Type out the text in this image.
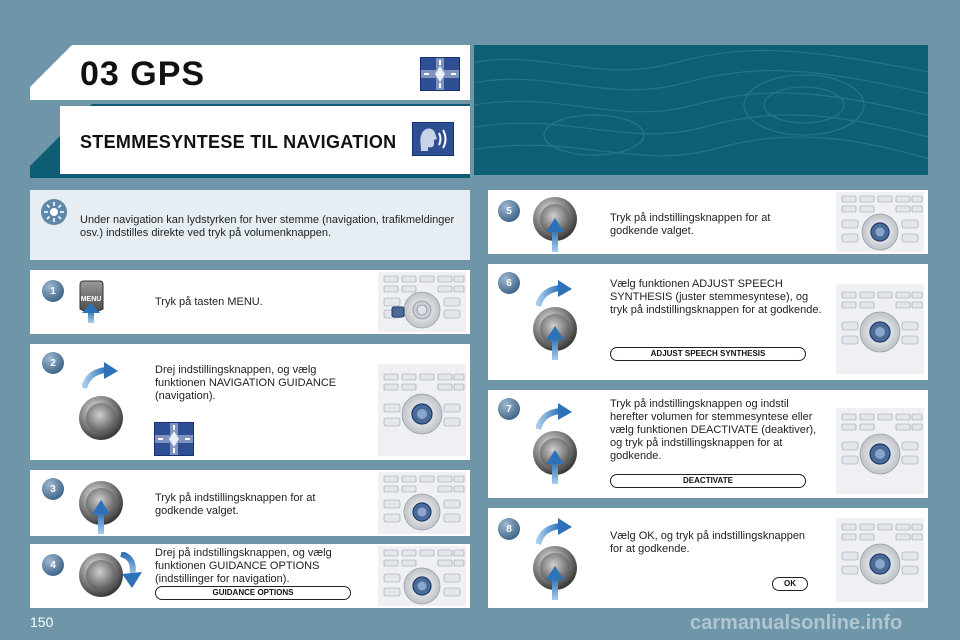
03 GPS
STEMMESYNTESE TIL NAVIGATION
Under navigation kan lydstyrken for hver stemme (navigation, trafikmeldinger osv.) indstilles direkte ved tryk på volumenknappen.
1
2
3
4
5
6
7
8
Tryk på tasten MENU.
Drej indstillingsknappen, og vælg funktionen NAVIGATION GUIDANCE (navigation).
Tryk på indstillingsknappen for at godkende valget.
Drej på indstillingsknappen, og vælg funktionen GUIDANCE OPTIONS (indstillinger for navigation).
Tryk på indstillingsknappen for at godkende valget.
Vælg funktionen ADJUST SPEECH SYNTHESIS (juster stemmesyntese), og tryk på indstillingsknappen for at godkende.
Tryk på indstillingsknappen og indstil herefter volumen for stemmesyntese eller vælg funktionen DEACTIVATE (deaktiver), og tryk på indstillingsknappen for at godkende.
Vælg OK, og tryk på indstillingsknappen for at godkende.
GUIDANCE OPTIONS
ADJUST SPEECH SYNTHESIS
DEACTIVATE
OK
MENU
150	carmanualsonline.info
